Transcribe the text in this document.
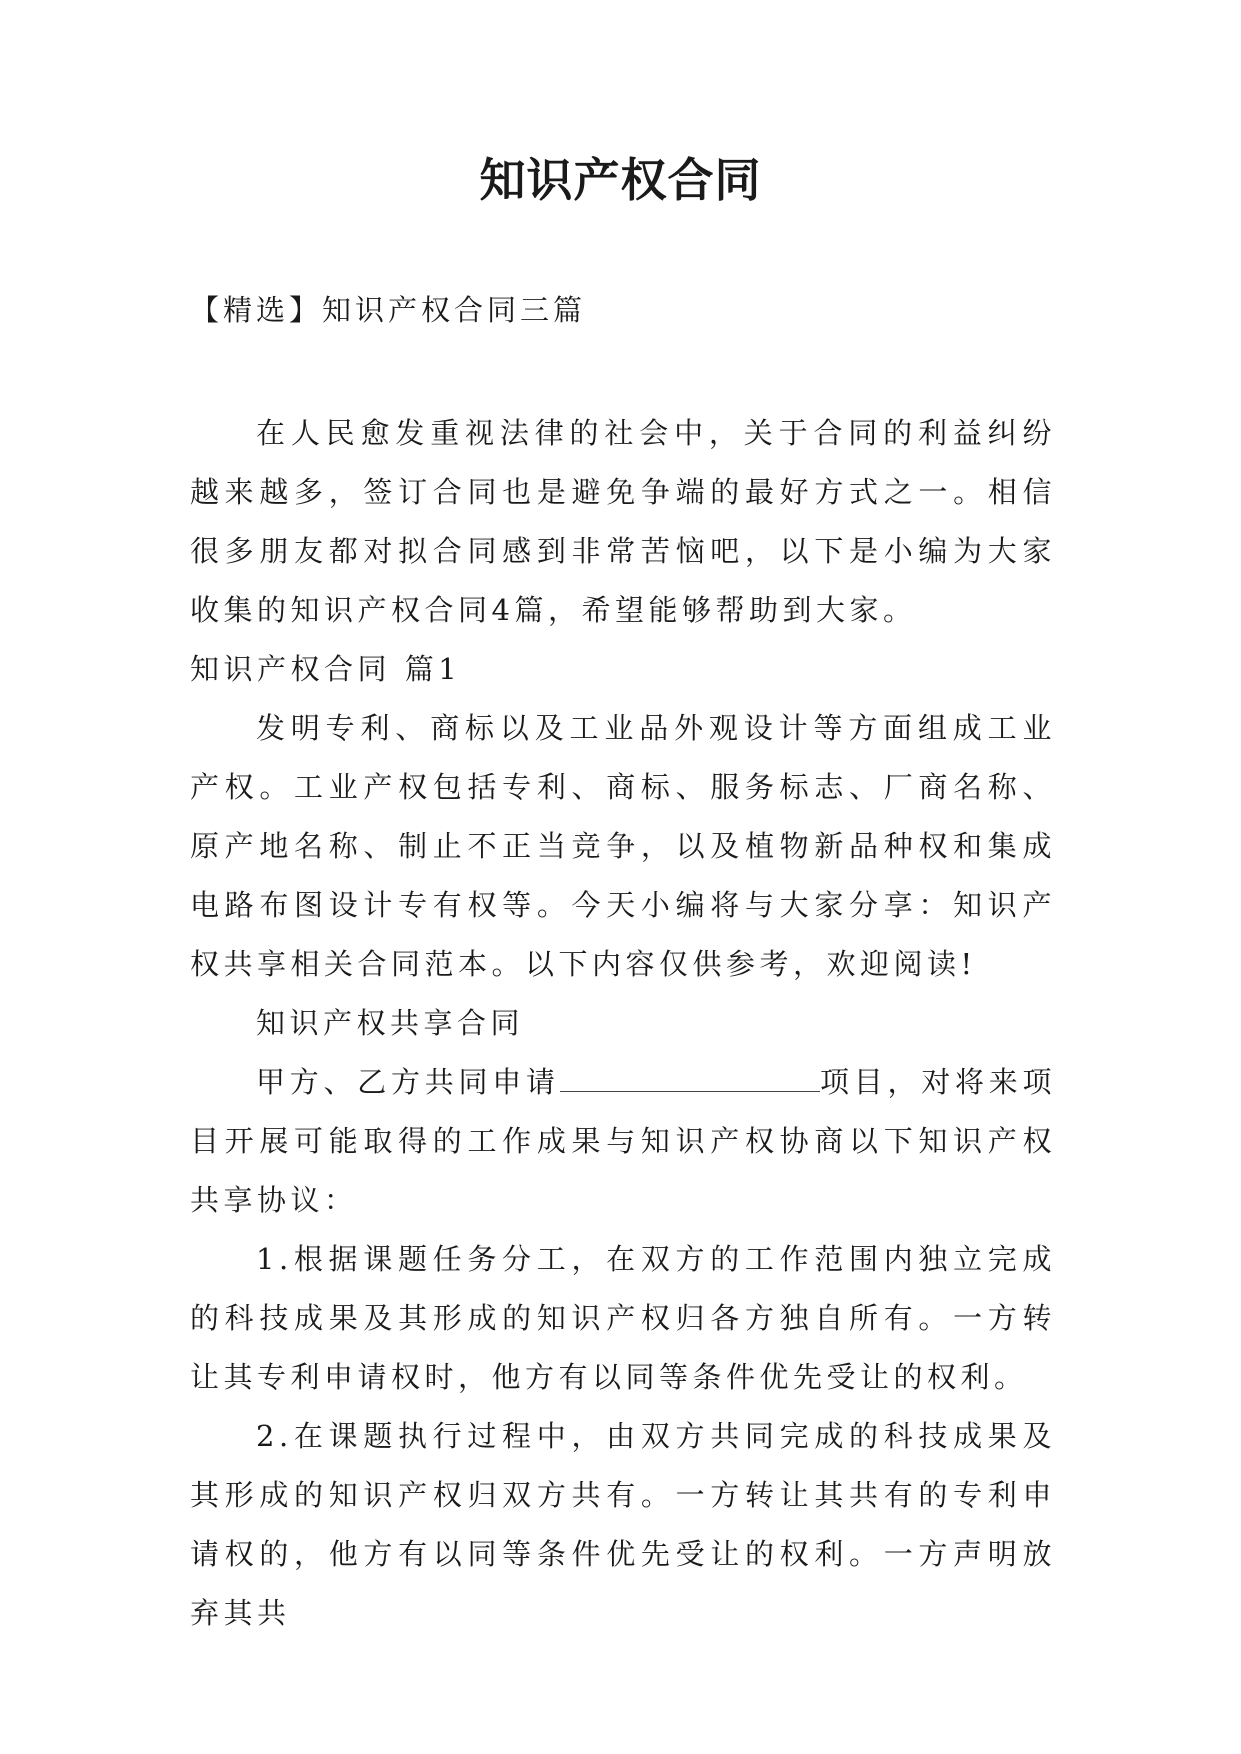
知识产权合同
【精选】知识产权合同三篇

在人民愈发重视法律的社会中，关于合同的利益纠纷越来越多，签订合同也是避免争端的最好方式之一。相信很多朋友都对拟合同感到非常苦恼吧，以下是小编为大家收集的知识产权合同4篇，希望能够帮助到大家。

知识产权合同 篇1

发明专利、商标以及工业品外观设计等方面组成工业产权。工业产权包括专利、商标、服务标志、厂商名称、原产地名称、制止不正当竞争，以及植物新品种权和集成电路布图设计专有权等。今天小编将与大家分享：知识产权共享相关合同范本。以下内容仅供参考，欢迎阅读!

知识产权共享合同

甲方、乙方共同申请	项目，对将来项目开展可能取得的工作成果与知识产权协商以下知识产权共享协议：

1.根据课题任务分工，在双方的工作范围内独立完成的科技成果及其形成的知识产权归各方独自所有。一方转让其专利申请权时，他方有以同等条件优先受让的权利。

2.在课题执行过程中，由双方共同完成的科技成果及其形成的知识产权归双方共有。一方转让其共有的专利申请权的，他方有以同等条件优先受让的权利。一方声明放弃其共
